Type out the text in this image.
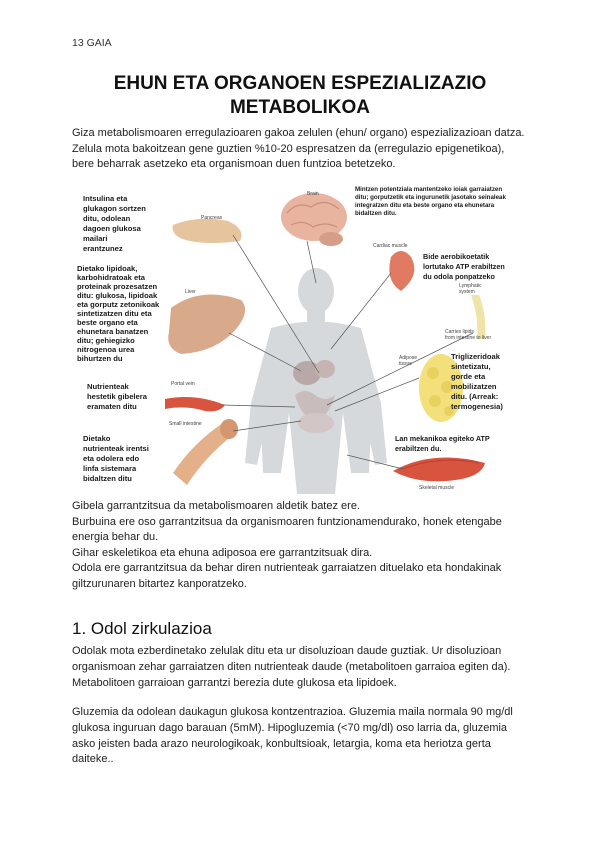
13 GAIA
EHUN ETA ORGANOEN ESPEZIALIZAZIO
METABOLIKOA

Giza metabolismoaren erregulazioaren gakoa zelulen (ehun/ organo) espezializazioan datza. Zelula mota bakoitzean gene guztien %10-20 espresatzen da (erregulazio epigenetikoa), bere beharrak asetzeko eta organismoan duen funtzioa betetzeko.

Intsulina eta glukagon sortzen ditu, odolean dagoen glukosa mailari erantzunez
Dietako lipidoak, karbohidratoak eta proteinak prozesatzen ditu: glukosa, lipidoak eta gorputz zetonikoak sintetizatzen ditu eta beste organo eta ehunetara banatzen ditu; gehiegizko nitrogenoa urea bihurtzen du
Nutrienteak hestetik gibelera eramaten ditu
Dietako nutrienteak irentsi eta odolera edo linfa sistemara bidaltzen ditu
Mintzen potentziala mantentzeko ioiak garraiatzen ditu; gorputzetik eta ingurunetik jasotako seinaleak integratzen ditu eta beste organo eta ehunetara bidaltzen ditu.
Bide aerobikoetatik lortutako ATP erabiltzen du odola ponpatzeko
Triglizeridoak sintetizatu, gorde eta mobilizatzen ditu. (Arreak: termogenesia)
Lan mekanikoa egiteko ATP erabiltzen du.
Pancreas
Brain
Liver
Portal vein
Small intestine
Cardiac muscle
Lymphatic system
Carries lipids from intestine to liver
Adipose tissue
Skeletal muscle

Gibela garrantzitsua da metabolismoaren aldetik batez ere.

Burbuina ere oso garrantzitsua da organismoaren funtzionamendurako, honek etengabe energia behar du.

Gihar eskeletikoa eta ehuna adiposoa ere garrantzitsuak dira.

Odola ere garrantzitsua da behar diren nutrienteak garraiatzen dituelako eta hondakinak giltzurunaren bitartez kanporatzeko.

1. Odol zirkulazioa

Odolak mota ezberdinetako zelulak ditu eta ur disoluzioan daude guztiak. Ur disoluzioan organismoan zehar garraiatzen diten nutrienteak daude (metabolitoen garraioa egiten da). Metabolitoen garraioan garrantzi berezia dute glukosa eta lipidoek.

Gluzemia da odolean daukagun glukosa kontzentrazioa. Gluzemia maila normala 90 mg/dl glukosa inguruan dago barauan (5mM). Hipogluzemia (<70 mg/dl) oso larria da, gluzemia asko jeisten bada arazo neurologikoak, konbultsioak, letargia, koma eta heriotza gerta daiteke..
